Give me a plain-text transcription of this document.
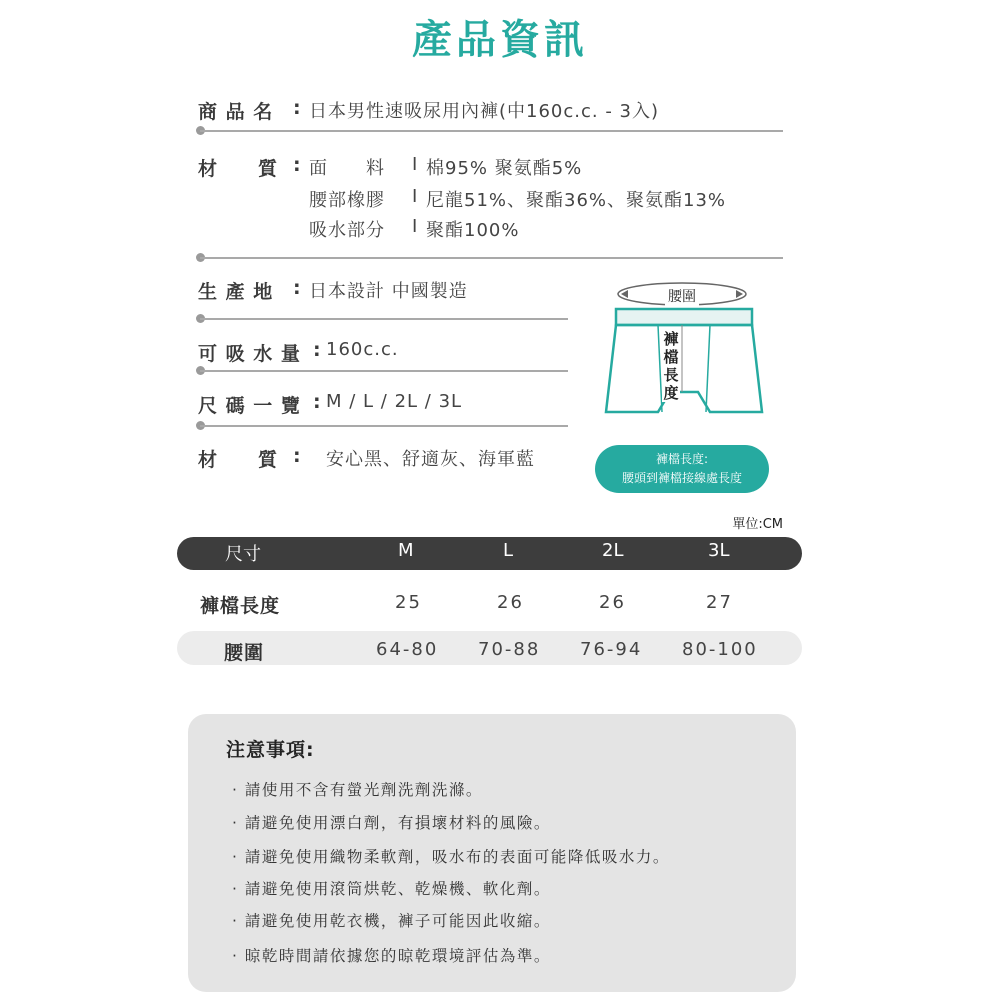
產品資訊
商 品 名 : 日本男性速吸尿用內褲(中160c.c. - 3入)
材　　質 : 面　　料 I 棉95% 聚氨酯5%
腰部橡膠 I 尼龍51%、聚酯36%、聚氨酯13%
吸水部分 I 聚酯100%
生 產 地 : 日本設計 中國製造
可 吸 水 量 : 160c.c.
尺 碼 一 覽 : M / L / 2L / 3L
材　　質 : 安心黑、舒適灰、海軍藍
腰圍
褲檔長度
褲檔長度:
腰頭到褲檔接線處長度
單位:CM
尺寸	M	L	2L	3L
褲檔長度	25	26	26	27
腰圍	64-80 70-88 76-94 80-100
注意事項:
· 請使用不含有螢光劑洗劑洗滌。
· 請避免使用漂白劑，有損壞材料的風險。
· 請避免使用織物柔軟劑，吸水布的表面可能降低吸水力。
· 請避免使用滾筒烘乾、乾燥機、軟化劑。
· 請避免使用乾衣機，褲子可能因此收縮。
· 晾乾時間請依據您的晾乾環境評估為準。
